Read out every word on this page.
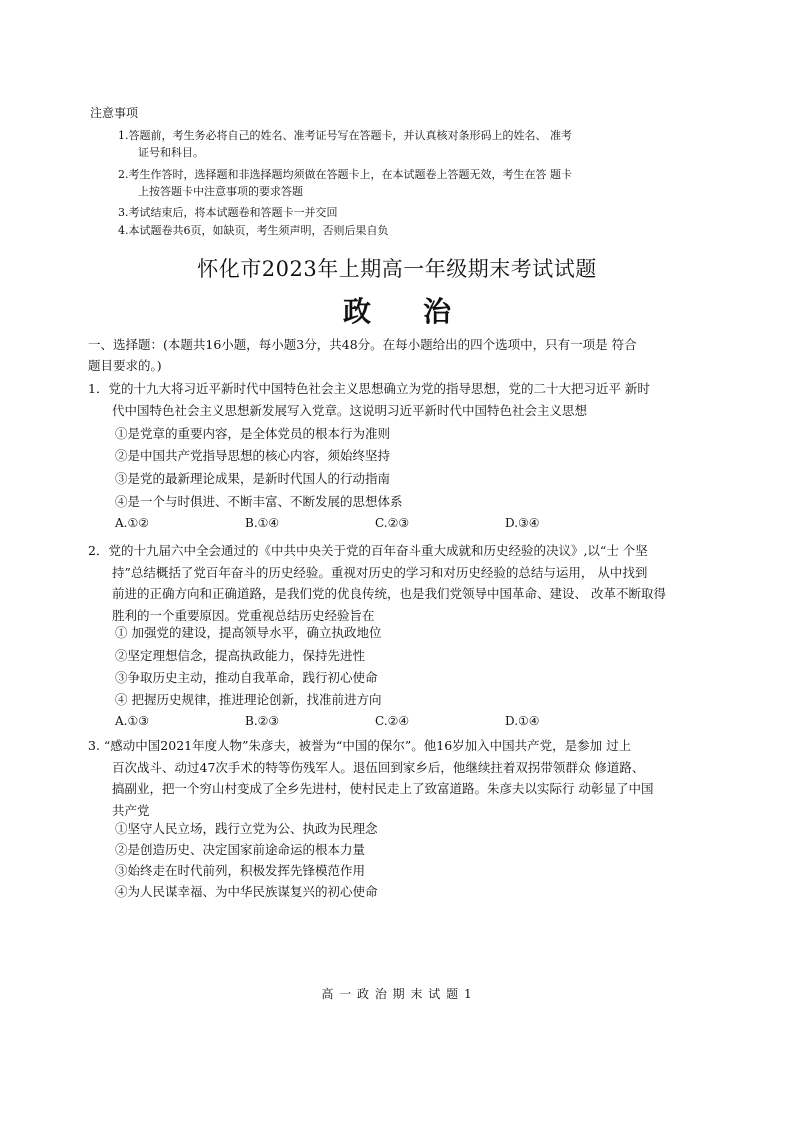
注意事项
1.答题前，考生务必将自己的姓名、准考证号写在答题卡，并认真核对条形码上的姓名、 准考
证号和科目。
2.考生作答时，选择题和非选择题均须做在答题卡上，在本试题卷上答题无效，考生在答 题卡
上按答题卡中注意事项的要求答题
3.考试结束后，将本试题卷和答题卡一并交回
4.本试题卷共6页，如缺页，考生须声明，否则后果自负
怀化市2023年上期高一年级期末考试试题
政 治
一、选择题：(本题共16小题，每小题3分，共48分。在每小题给出的四个选项中，只有一项是 符合
题目要求的。)
1．党的十九大将习近平新时代中国特色社会主义思想确立为党的指导思想，党的二十大把习近平 新时
代中国特色社会主义思想新发展写入党章。这说明习近平新时代中国特色社会主义思想
①是党章的重要内容，是全体党员的根本行为准则
②是中国共产党指导思想的核心内容，须始终坚持
③是党的最新理论成果，是新时代国人的行动指南
④是一个与时俱进、不断丰富、不断发展的思想体系
A.①②	B.①④	C.②③	D.③④
2．党的十九届六中全会通过的《中共中央关于党的百年奋斗重大成就和历史经验的决议》,以“士 个坚
持”总结概括了党百年奋斗的历史经验。重视对历史的学习和对历史经验的总结与运用， 从中找到
前进的正确方向和正确道路，是我们党的优良传统，也是我们党领导中国革命、建设、 改革不断取得
胜利的一个重要原因。党重视总结历史经验旨在
① 加强党的建设，提高领导水平，确立执政地位
②坚定理想信念，提高执政能力，保持先进性
③争取历史主动，推动自我革命，践行初心使命
④ 把握历史规律，推进理论创新，找准前进方向
A.①③	B.②③	C.②④	D.①④
3. “感动中国2021年度人物”朱彦夫，被誉为“中国的保尔”。他16岁加入中国共产党，是参加 过上
百次战斗、动过47次手术的特等伤残军人。退伍回到家乡后，他继续拄着双拐带领群众 修道路、
搞副业，把一个穷山村变成了全乡先进村，使村民走上了致富道路。朱彦夫以实际行 动彰显了中国
共产党
①坚守人民立场，践行立党为公、执政为民理念
②是创造历史、决定国家前途命运的根本力量
③始终走在时代前列，积极发挥先锋模范作用
④为人民谋幸福、为中华民族谋复兴的初心使命
高 一 政 治 期 末 试 题 1
